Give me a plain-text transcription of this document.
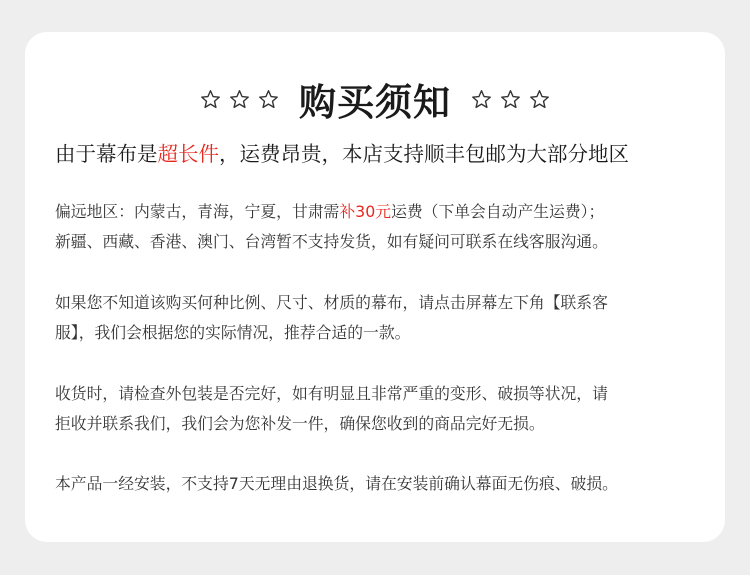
购买须知
由于幕布是超长件，运费昂贵，本店支持顺丰包邮为大部分地区
偏远地区：内蒙古，青海，宁夏，甘肃需补30元运费（下单会自动产生运费）；
新疆、西藏、香港、澳门、台湾暂不支持发货，如有疑问可联系在线客服沟通。
如果您不知道该购买何种比例、尺寸、材质的幕布，请点击屏幕左下角【联系客
服】，我们会根据您的实际情况，推荐合适的一款。
收货时，请检查外包装是否完好，如有明显且非常严重的变形、破损等状况，请
拒收并联系我们，我们会为您补发一件，确保您收到的商品完好无损。
本产品一经安装，不支持7天无理由退换货，请在安装前确认幕面无伤痕、破损。
